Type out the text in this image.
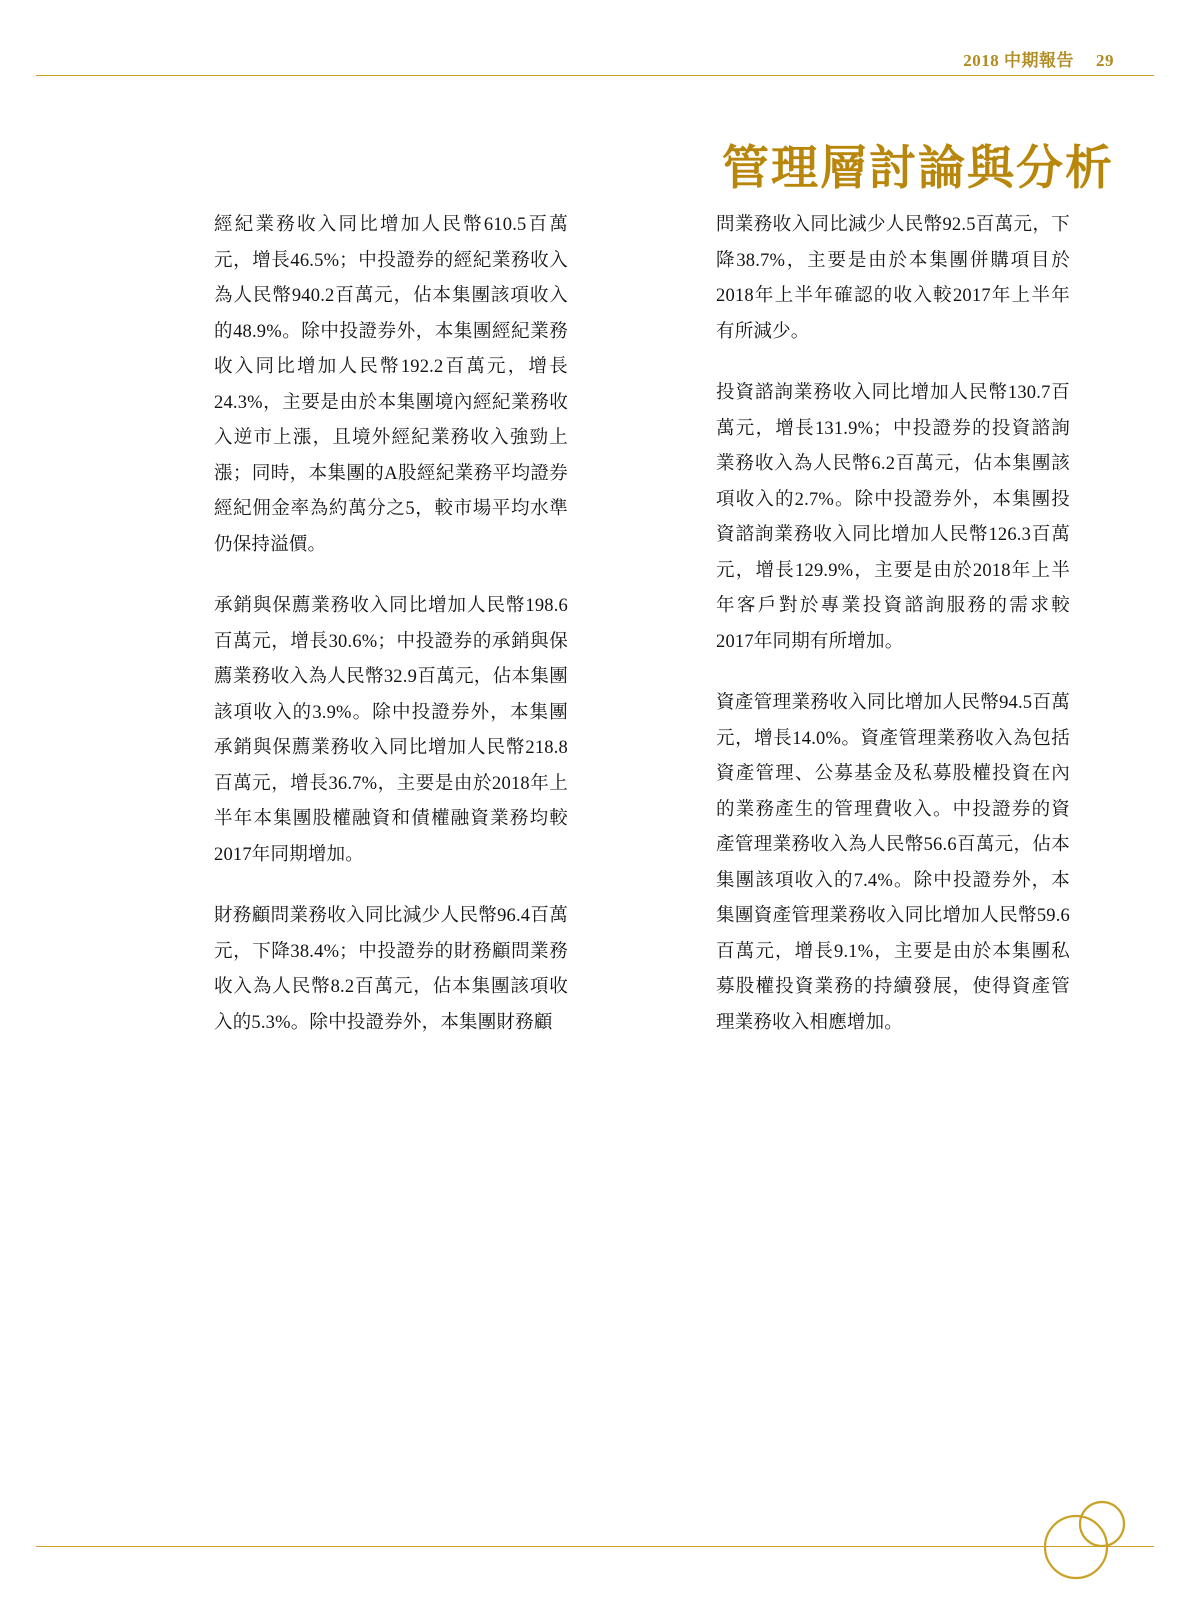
2018 中期報告 29
管理層討論與分析

經紀業務收入同比增加人民幣610.5百萬元，增長46.5%；中投證券的經紀業務收入為人民幣940.2百萬元，佔本集團該項收入的48.9%。除中投證券外，本集團經紀業務收入同比增加人民幣192.2百萬元，增長24.3%，主要是由於本集團境內經紀業務收入逆市上漲，且境外經紀業務收入強勁上漲；同時，本集團的A股經紀業務平均證券經紀佣金率為約萬分之5，較市場平均水準仍保持溢價。

承銷與保薦業務收入同比增加人民幣198.6百萬元，增長30.6%；中投證券的承銷與保薦業務收入為人民幣32.9百萬元，佔本集團該項收入的3.9%。除中投證券外，本集團承銷與保薦業務收入同比增加人民幣218.8百萬元，增長36.7%，主要是由於2018年上半年本集團股權融資和債權融資業務均較2017年同期增加。

財務顧問業務收入同比減少人民幣96.4百萬元，下降38.4%；中投證券的財務顧問業務收入為人民幣8.2百萬元，佔本集團該項收入的5.3%。除中投證券外，本集團財務顧

問業務收入同比減少人民幣92.5百萬元，下降38.7%，主要是由於本集團併購項目於2018年上半年確認的收入較2017年上半年有所減少。

投資諮詢業務收入同比增加人民幣130.7百萬元，增長131.9%；中投證券的投資諮詢業務收入為人民幣6.2百萬元，佔本集團該項收入的2.7%。除中投證券外，本集團投資諮詢業務收入同比增加人民幣126.3百萬元，增長129.9%，主要是由於2018年上半年客戶對於專業投資諮詢服務的需求較2017年同期有所增加。

資產管理業務收入同比增加人民幣94.5百萬元，增長14.0%。資產管理業務收入為包括資產管理、公募基金及私募股權投資在內的業務產生的管理費收入。中投證券的資產管理業務收入為人民幣56.6百萬元，佔本集團該項收入的7.4%。除中投證券外，本集團資產管理業務收入同比增加人民幣59.6百萬元，增長9.1%，主要是由於本集團私募股權投資業務的持續發展，使得資產管理業務收入相應增加。
